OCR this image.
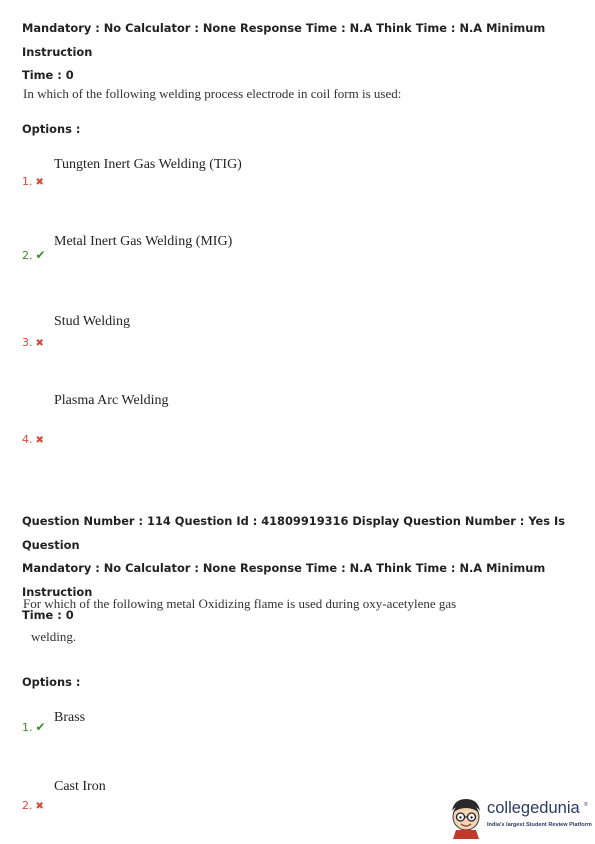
Mandatory : No Calculator : None Response Time : N.A Think Time : N.A Minimum Instruction
Time : 0
In which of the following welding process electrode in coil form is used:
Options :
Tungten Inert Gas Welding (TIG)
1. ✖
Metal Inert Gas Welding (MIG)
2. ✔
Stud Welding
3. ✖
Plasma Arc Welding
4. ✖
Question Number : 114 Question Id : 41809919316 Display Question Number : Yes Is Question
Mandatory : No Calculator : None Response Time : N.A Think Time : N.A Minimum Instruction
Time : 0
For which of the following metal Oxidizing flame is used during oxy-acetylene gas
welding.
Options :
Brass
1. ✔
Cast Iron
2. ✖	collegedunia ®
India's largest Student Review Platform
